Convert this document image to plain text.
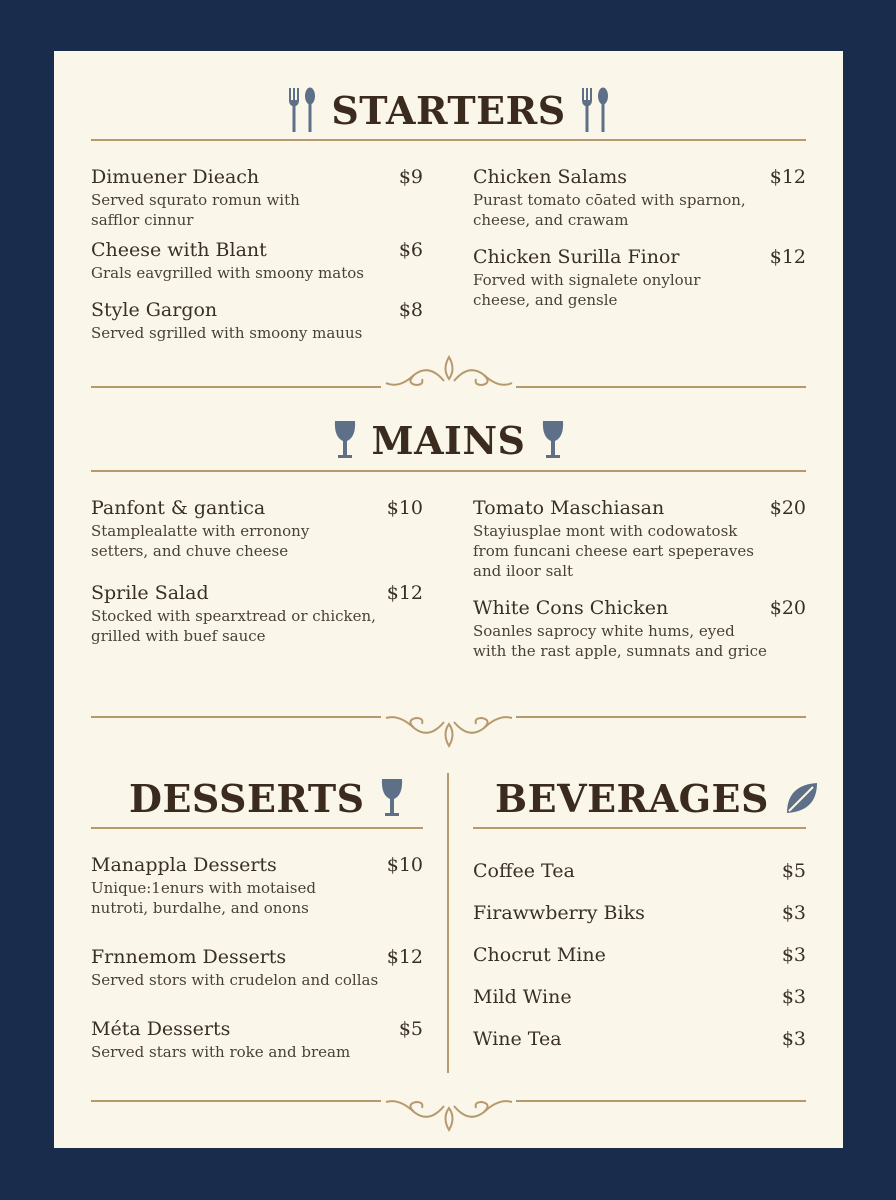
STARTERS
Dimuener Dieach
Served squrato romun with safflor cinnur
$9
Cheese with Blant
Grals eavgrilled with smoony matos
$6
Style Gargon
Served sgrilled with smoony mauus
$8
Chicken Salams
Purast tomato cōated with sparnon, cheese, and crawam
$12
Chicken Surilla Finor
Forved with signalete onylour cheese, and gensle
$12
MAINS
Panfont & gantica
Stamplealatte with erronony setters, and chuve cheese
$10
Sprile Salad
Stocked with spearxtread or chicken, grilled with buef sauce
$12
Tomato Maschiasan
Stayiusplae mont with codowatosk from funcani cheese eart speperaves and iloor salt
$20
White Cons Chicken
Soanles saprocy white hums, eyed with the rast apple, sumnats and grice
$20
DESSERTS	BEVERAGES
Manappla Desserts
Unique:1enurs with motaised nutroti, burdalhe, and onons
$10
Frnnemom Desserts
Served stors with crudelon and collas
$12
Méta Desserts
Served stars with roke and bream
$5
Coffee Tea	$5
Firawwberry Biks	$3
Chocrut Mine	$3
Mild Wine	$3
Wine Tea	$3
